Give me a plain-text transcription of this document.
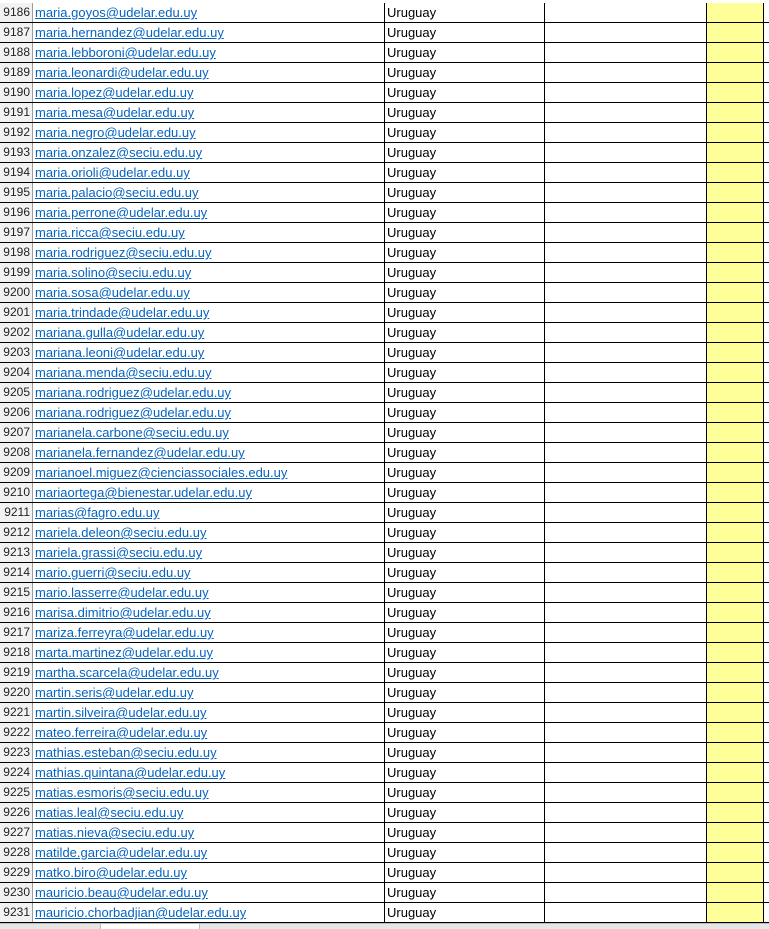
9186 maria.goyos@udelar.edu.uy	Uruguay
9187 maria.hernandez@udelar.edu.uy	Uruguay
9188 maria.lebboroni@udelar.edu.uy	Uruguay
9189 maria.leonardi@udelar.edu.uy	Uruguay
9190 maria.lopez@udelar.edu.uy	Uruguay
9191 maria.mesa@udelar.edu.uy	Uruguay
9192 maria.negro@udelar.edu.uy	Uruguay
9193 maria.onzalez@seciu.edu.uy	Uruguay
9194 maria.orioli@udelar.edu.uy	Uruguay
9195 maria.palacio@seciu.edu.uy	Uruguay
9196 maria.perrone@udelar.edu.uy	Uruguay
9197 maria.ricca@seciu.edu.uy	Uruguay
9198 maria.rodriguez@seciu.edu.uy	Uruguay
9199 maria.solino@seciu.edu.uy	Uruguay
9200 maria.sosa@udelar.edu.uy	Uruguay
9201 maria.trindade@udelar.edu.uy	Uruguay
9202 mariana.gulla@udelar.edu.uy	Uruguay
9203 mariana.leoni@udelar.edu.uy	Uruguay
9204 mariana.menda@seciu.edu.uy	Uruguay
9205 mariana.rodriguez@udelar.edu.uy	Uruguay
9206 mariana.rodriguez@udelar.edu.uy	Uruguay
9207 marianela.carbone@seciu.edu.uy	Uruguay
9208 marianela.fernandez@udelar.edu.uy	Uruguay
9209 marianoel.miguez@cienciassociales.edu.uy	Uruguay
9210 mariaortega@bienestar.udelar.edu.uy	Uruguay
9211 marias@fagro.edu.uy	Uruguay
9212 mariela.deleon@seciu.edu.uy	Uruguay
9213 mariela.grassi@seciu.edu.uy	Uruguay
9214 mario.guerri@seciu.edu.uy	Uruguay
9215 mario.lasserre@udelar.edu.uy	Uruguay
9216 marisa.dimitrio@udelar.edu.uy	Uruguay
9217 mariza.ferreyra@udelar.edu.uy	Uruguay
9218 marta.martinez@udelar.edu.uy	Uruguay
9219 martha.scarcela@udelar.edu.uy	Uruguay
9220 martin.seris@udelar.edu.uy	Uruguay
9221 martin.silveira@udelar.edu.uy	Uruguay
9222 mateo.ferreira@udelar.edu.uy	Uruguay
9223 mathias.esteban@seciu.edu.uy	Uruguay
9224 mathias.quintana@udelar.edu.uy	Uruguay
9225 matias.esmoris@seciu.edu.uy	Uruguay
9226 matias.leal@seciu.edu.uy	Uruguay
9227 matias.nieva@seciu.edu.uy	Uruguay
9228 matilde.garcia@udelar.edu.uy	Uruguay
9229 matko.biro@udelar.edu.uy	Uruguay
9230 mauricio.beau@udelar.edu.uy	Uruguay
9231 mauricio.chorbadjian@udelar.edu.uy	Uruguay
